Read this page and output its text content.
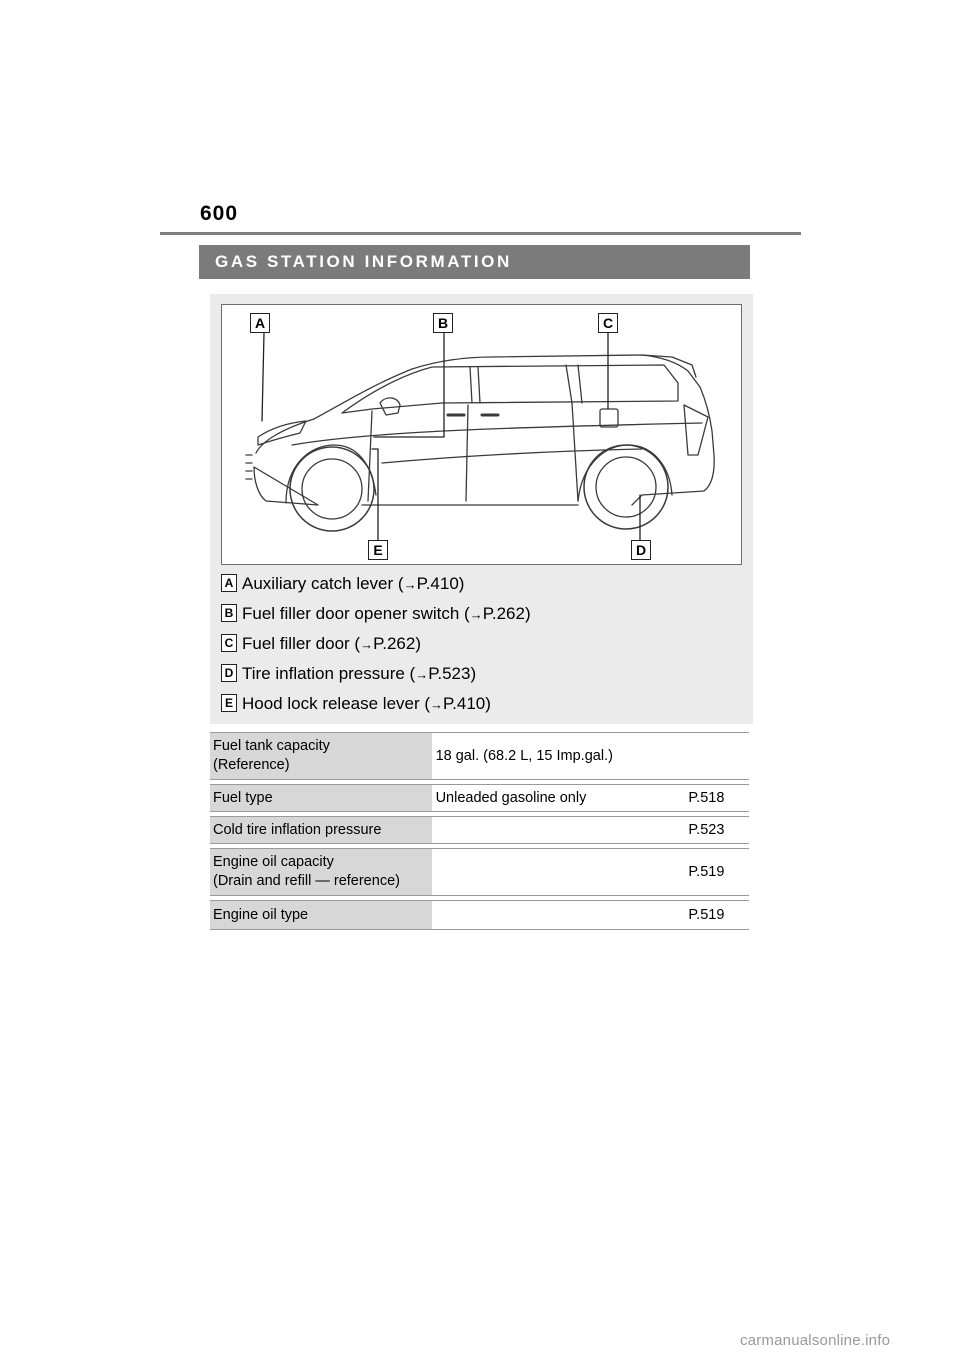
600
GAS STATION INFORMATION
A	B	C
D
E
A Auxiliary catch lever (→P.410)
B Fuel filler door opener switch (→P.262)
C Fuel filler door (→P.262)
D Tire inflation pressure (→P.523)
E Hood lock release lever (→P.410)
Fuel tank capacity
(Reference)	18 gal. (68.2 L, 15 Imp.gal.)	

Fuel type	Unleaded gasoline only	P.518

Cold tire inflation pressure		P.523

Engine oil capacity
(Drain and refill — reference)		P.519

Engine oil type		P.519
carmanualsonline.info
